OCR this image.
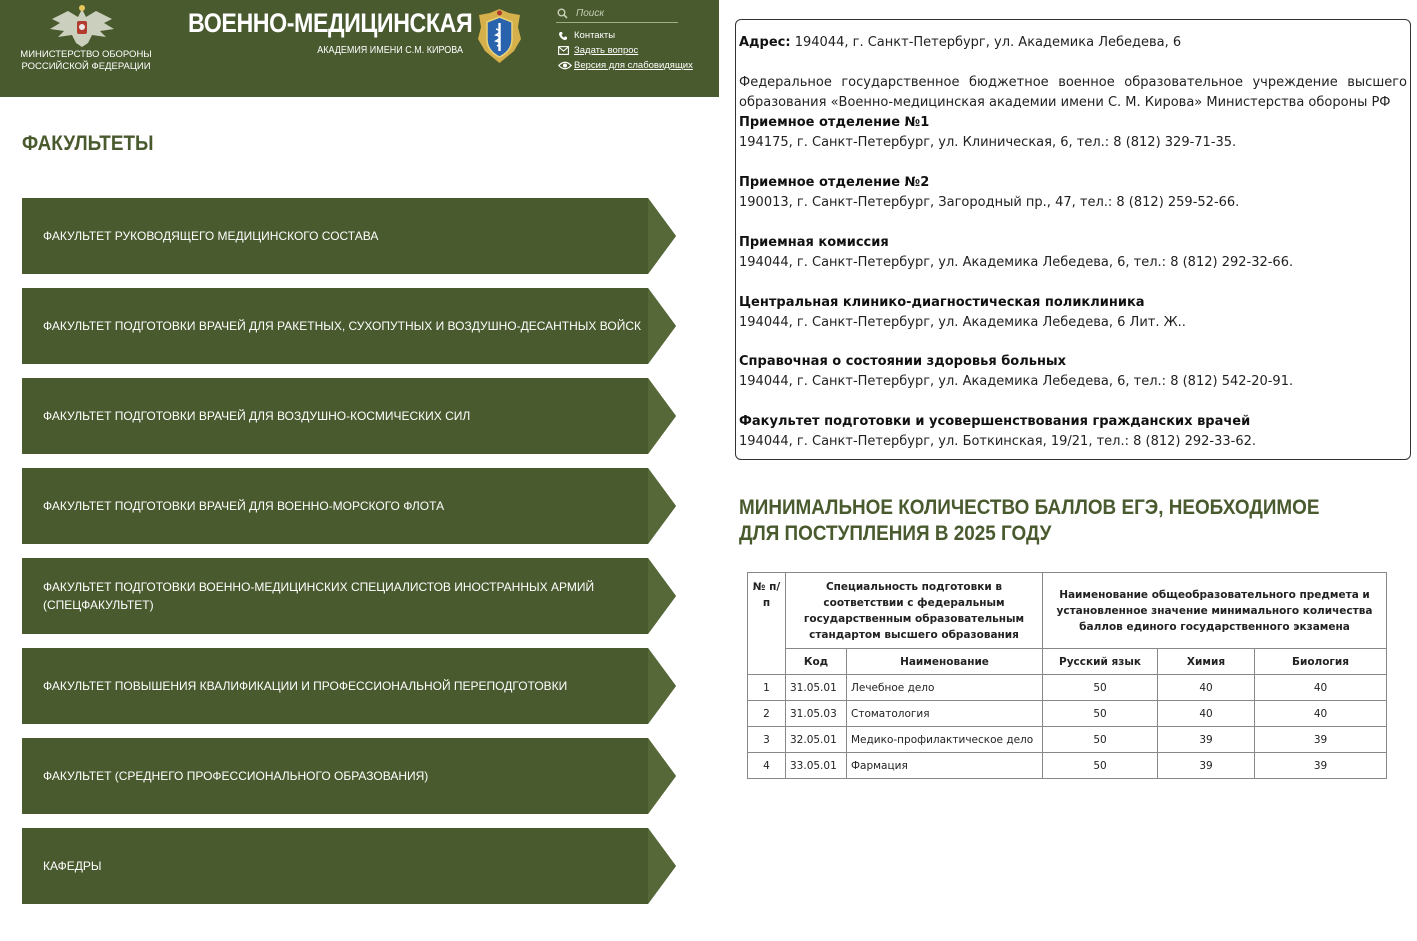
МИНИСТЕРСТВО ОБОРОНЫ РОССИЙСКОЙ ФЕДЕРАЦИИ
ВОЕННО-МЕДИЦИНСКАЯ
АКАДЕМИЯ ИМЕНИ С.М. КИРОВА
Поиск
Контакты
Задать вопрос
Версия для слабовидящих
ФАКУЛЬТЕТЫ
ФАКУЛЬТЕТ РУКОВОДЯЩЕГО МЕДИЦИНСКОГО СОСТАВА
ФАКУЛЬТЕТ ПОДГОТОВКИ ВРАЧЕЙ ДЛЯ РАКЕТНЫХ, СУХОПУТНЫХ И ВОЗДУШНО-ДЕСАНТНЫХ ВОЙСК
ФАКУЛЬТЕТ ПОДГОТОВКИ ВРАЧЕЙ ДЛЯ ВОЗДУШНО-КОСМИЧЕСКИХ СИЛ
ФАКУЛЬТЕТ ПОДГОТОВКИ ВРАЧЕЙ ДЛЯ ВОЕННО-МОРСКОГО ФЛОТА
ФАКУЛЬТЕТ ПОДГОТОВКИ ВОЕННО-МЕДИЦИНСКИХ СПЕЦИАЛИСТОВ ИНОСТРАННЫХ АРМИЙ (СПЕЦФАКУЛЬТЕТ)
ФАКУЛЬТЕТ ПОВЫШЕНИЯ КВАЛИФИКАЦИИ И ПРОФЕССИОНАЛЬНОЙ ПЕРЕПОДГОТОВКИ
ФАКУЛЬТЕТ (СРЕДНЕГО ПРОФЕССИОНАЛЬНОГО ОБРАЗОВАНИЯ)
КАФЕДРЫ

Адрес: 194044, г. Санкт-Петербург, ул. Академика Лебедева, 6

Федеральное государственное бюджетное военное образовательное учреждение высшего образования «Военно-медицинская академии имени С. М. Кирова» Министерства обороны РФ

Приемное отделение №1

194175, г. Санкт-Петербург, ул. Клиническая, 6, тел.: 8 (812) 329-71-35.

Приемное отделение №2

190013, г. Санкт-Петербург, Загородный пр., 47, тел.: 8 (812) 259-52-66.

Приемная комиссия

194044, г. Санкт-Петербург, ул. Академика Лебедева, 6, тел.: 8 (812) 292-32-66.

Центральная клинико-диагностическая поликлиника

194044, г. Санкт-Петербург, ул. Академика Лебедева, 6 Лит. Ж..

Справочная о состоянии здоровья больных

194044, г. Санкт-Петербург, ул. Академика Лебедева, 6, тел.: 8 (812) 542-20-91.

Факультет подготовки и усовершенствования гражданских врачей

194044, г. Санкт-Петербург, ул. Боткинская, 19/21, тел.: 8 (812) 292-33-62.

МИНИМАЛЬНОЕ КОЛИЧЕСТВО БАЛЛОВ ЕГЭ, НЕОБХОДИМОЕ ДЛЯ ПОСТУПЛЕНИЯ В 2025 ГОДУ
№ п/п	Специальность подготовки в соответствии с федеральным государственным образовательным стандартом высшего образования		Наименование общеобразовательного предмета и установленное значение минимального количества баллов единого государственного экзамена		
	Код	Наименование	Русский язык	Химия	Биология
1	31.05.01	Лечебное дело	50	40	40
2	31.05.03	Стоматология	50	40	40
3	32.05.01	Медико-профилактическое дело	50	39	39
4	33.05.01	Фармация	50	39	39
